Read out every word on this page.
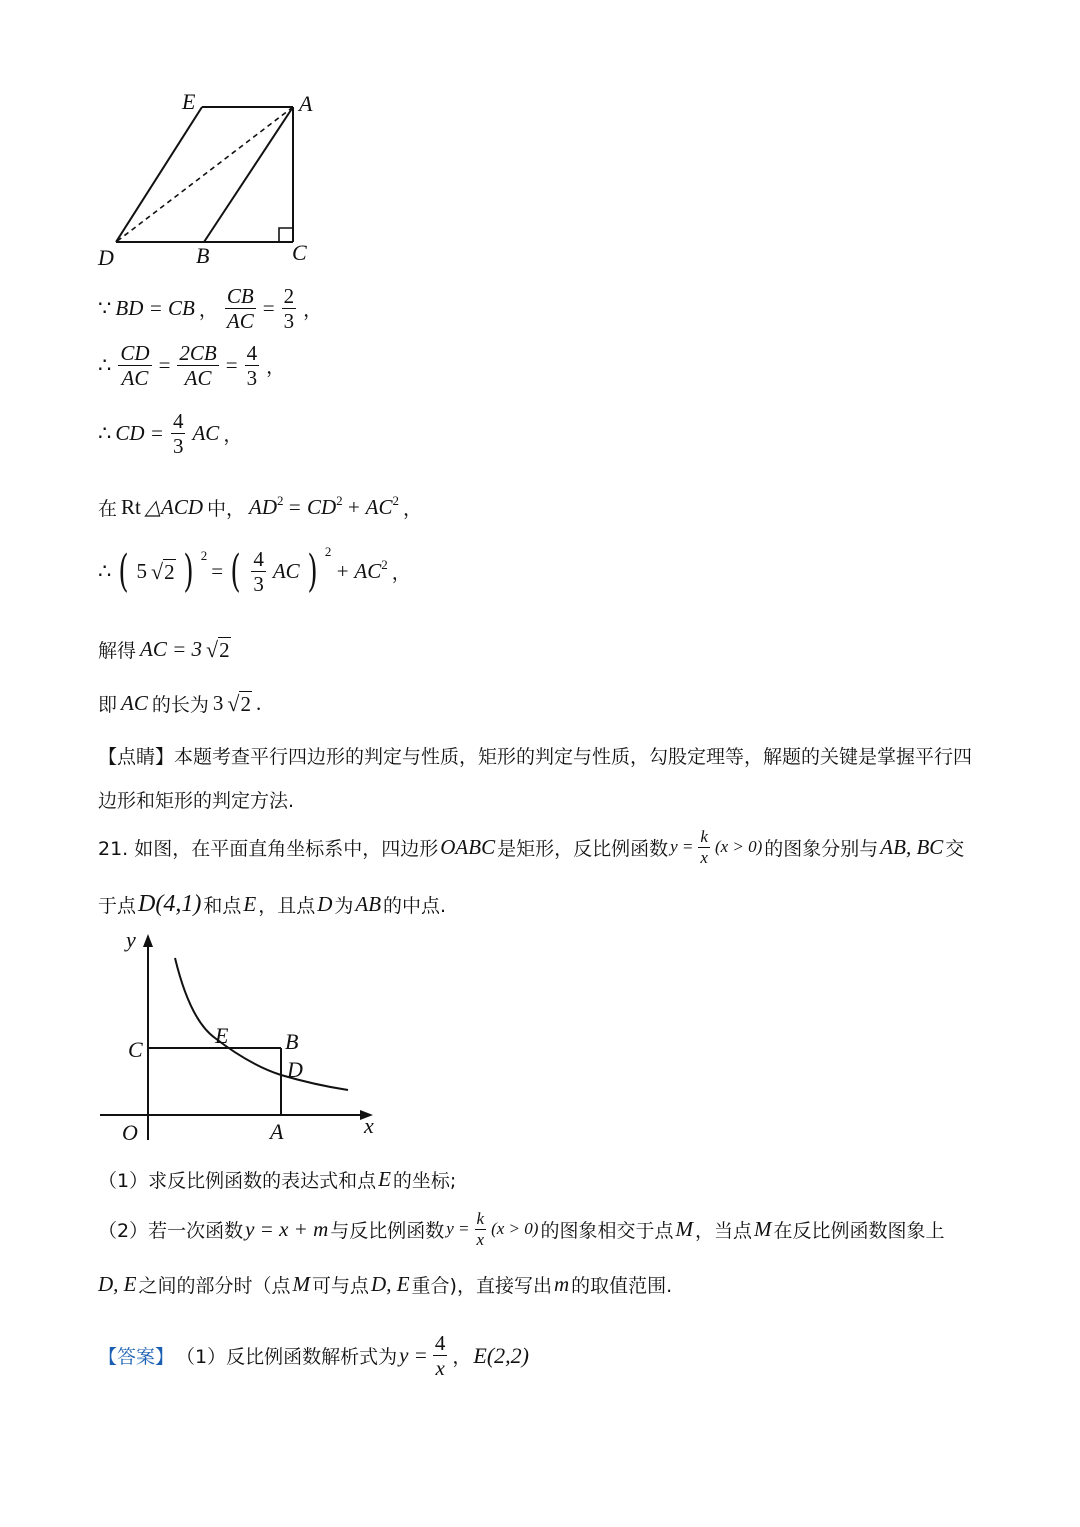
E	A
D	B	C
∵ BD = CB ， $\frac{CB}{AC} = \frac{2}{3}$ ，
∴ $\frac{CD}{AC} = \frac{2CB}{AC} = \frac{4}{3}$ ，
∴ CD = $\frac{4}{3}$ AC ，
在 Rt △ACD 中， $AD^2 = CD^2 + AC^2$ ，
∴ ( 5 √ 2 ) 2
= ( $\frac{4}{3}$ AC ) 2
+ $AC^2$ ，
解得 AC = 3 √ 2
即 AC 的长为 3 √ 2 .
【点睛】本题考查平行四边形的判定与性质，矩形的判定与性质，勾股定理等，解题的关键是掌握平行四
边形和矩形的判定方法.
21. 如图，在平面直角坐标系中，四边形 OABC 是矩形，反比例函数 $y = \frac{k}{x} (x > 0)$ 的图象分别与 AB, BC 交
于点 D(4,1) 和点 E ，且点 D 为 AB 的中点.
y
x
O	A
C	B
E
D
（1）求反比例函数的表达式和点 E 的坐标;
（2）若一次函数 y = x + m 与反比例函数 $y = \frac{k}{x} (x > 0)$ 的图象相交于点 M ，当点 M 在反比例函数图象上
D, E 之间的部分时（点 M 可与点 D, E 重合)，直接写出 m 的取值范围.
【答案】 （1）反比例函数解析式为 $y = \frac{4}{x}$ ， E(2,2)
